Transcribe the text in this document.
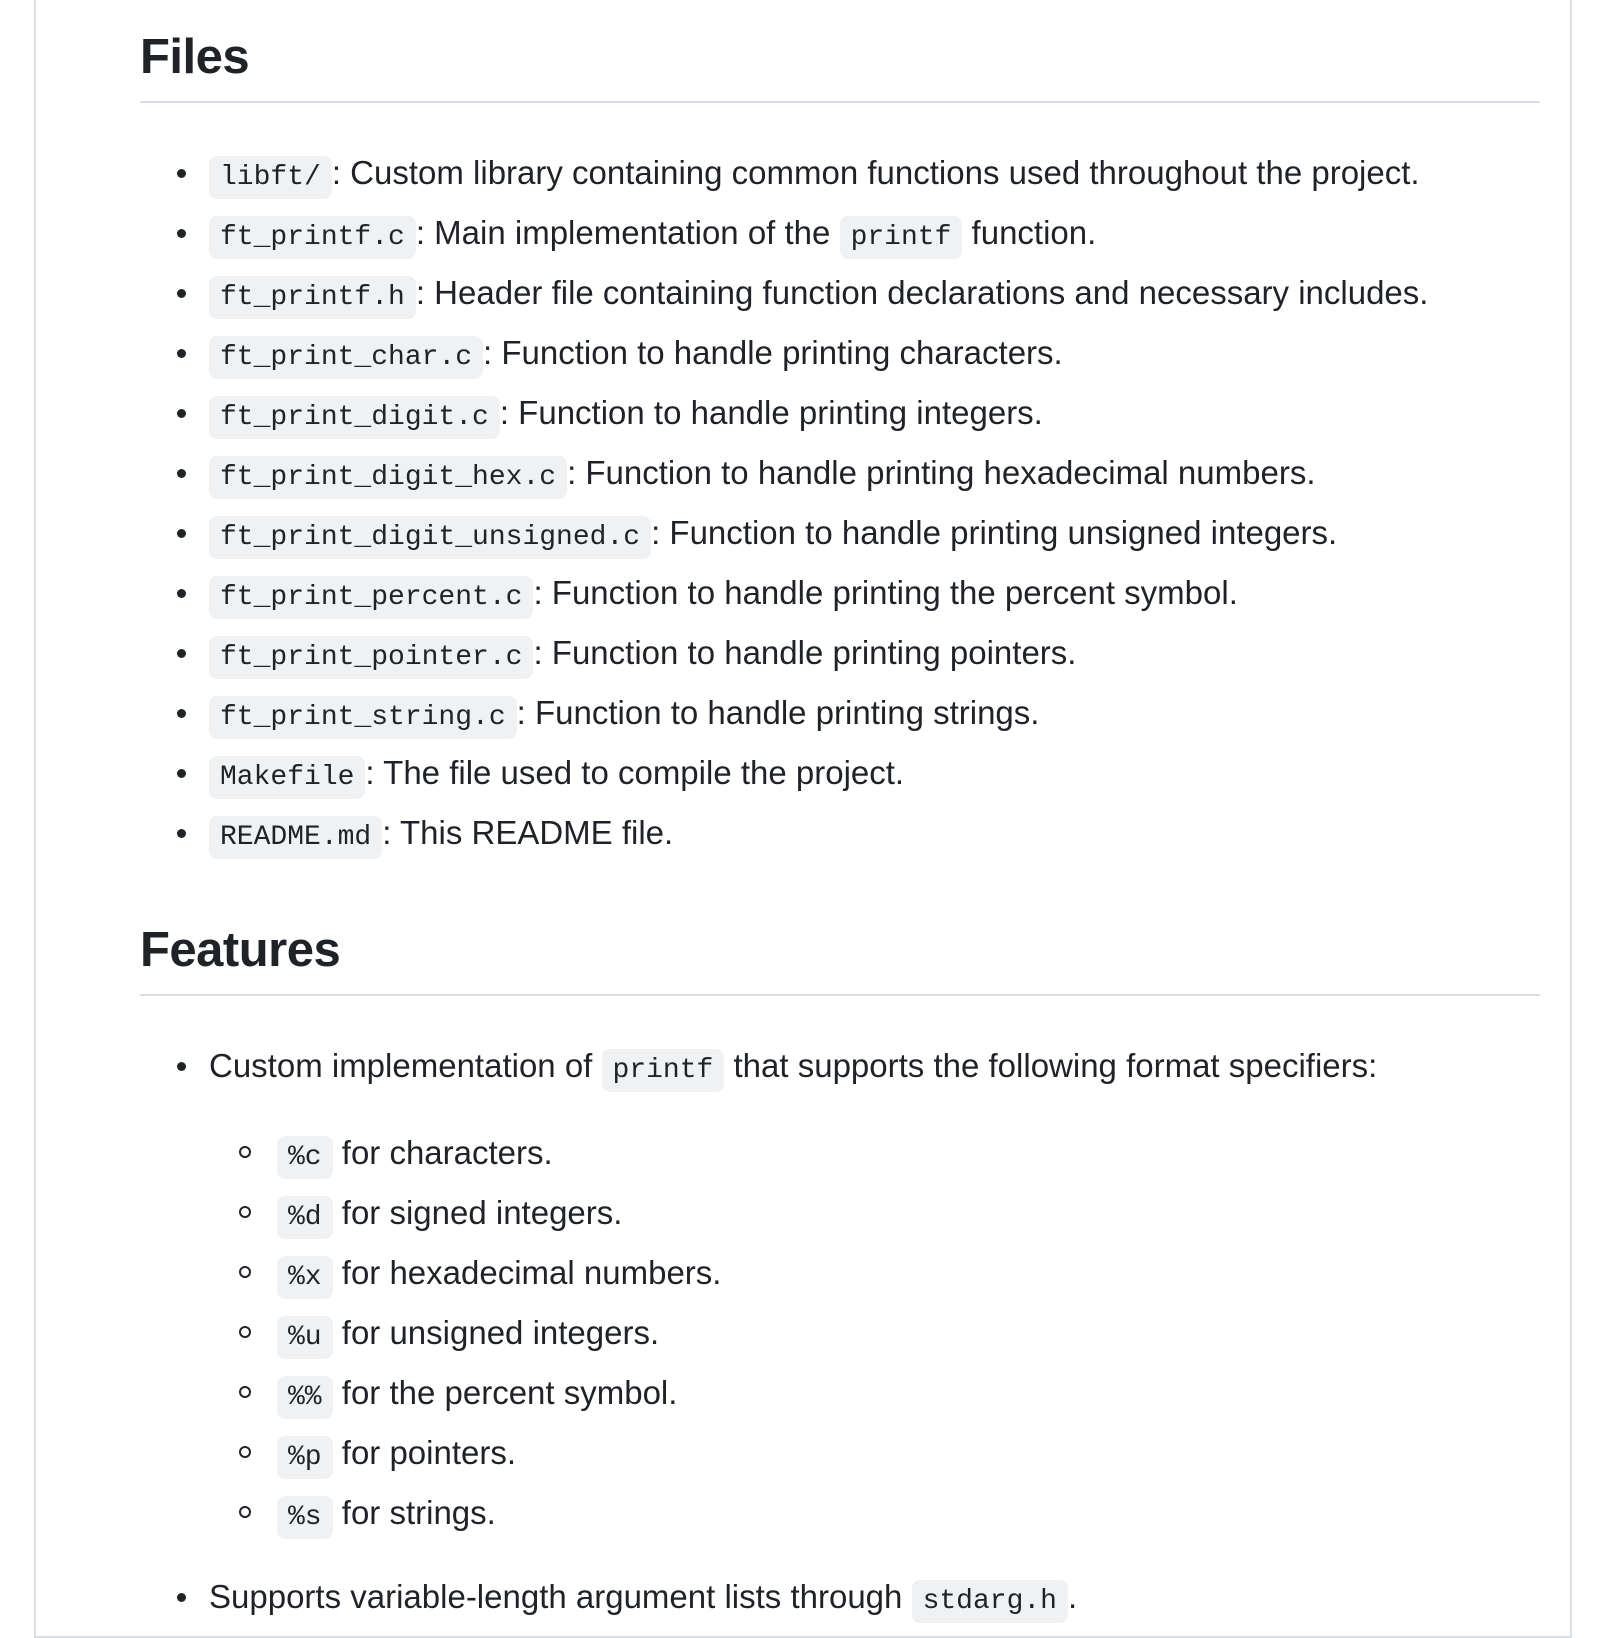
Files
libft/ : Custom library containing common functions used throughout the project.
ft_printf.c : Main implementation of the printf function.
ft_printf.h : Header file containing function declarations and necessary includes.
ft_print_char.c : Function to handle printing characters.
ft_print_digit.c : Function to handle printing integers.
ft_print_digit_hex.c : Function to handle printing hexadecimal numbers.
ft_print_digit_unsigned.c : Function to handle printing unsigned integers.
ft_print_percent.c : Function to handle printing the percent symbol.
ft_print_pointer.c : Function to handle printing pointers.
ft_print_string.c : Function to handle printing strings.
Makefile : The file used to compile the project.
README.md : This README file.
Features
Custom implementation of printf that supports the following format specifiers:
%c for characters.
%d for signed integers.
%x for hexadecimal numbers.
%u for unsigned integers.
%% for the percent symbol.
%p for pointers.
%s for strings.
Supports variable-length argument lists through stdarg.h .
